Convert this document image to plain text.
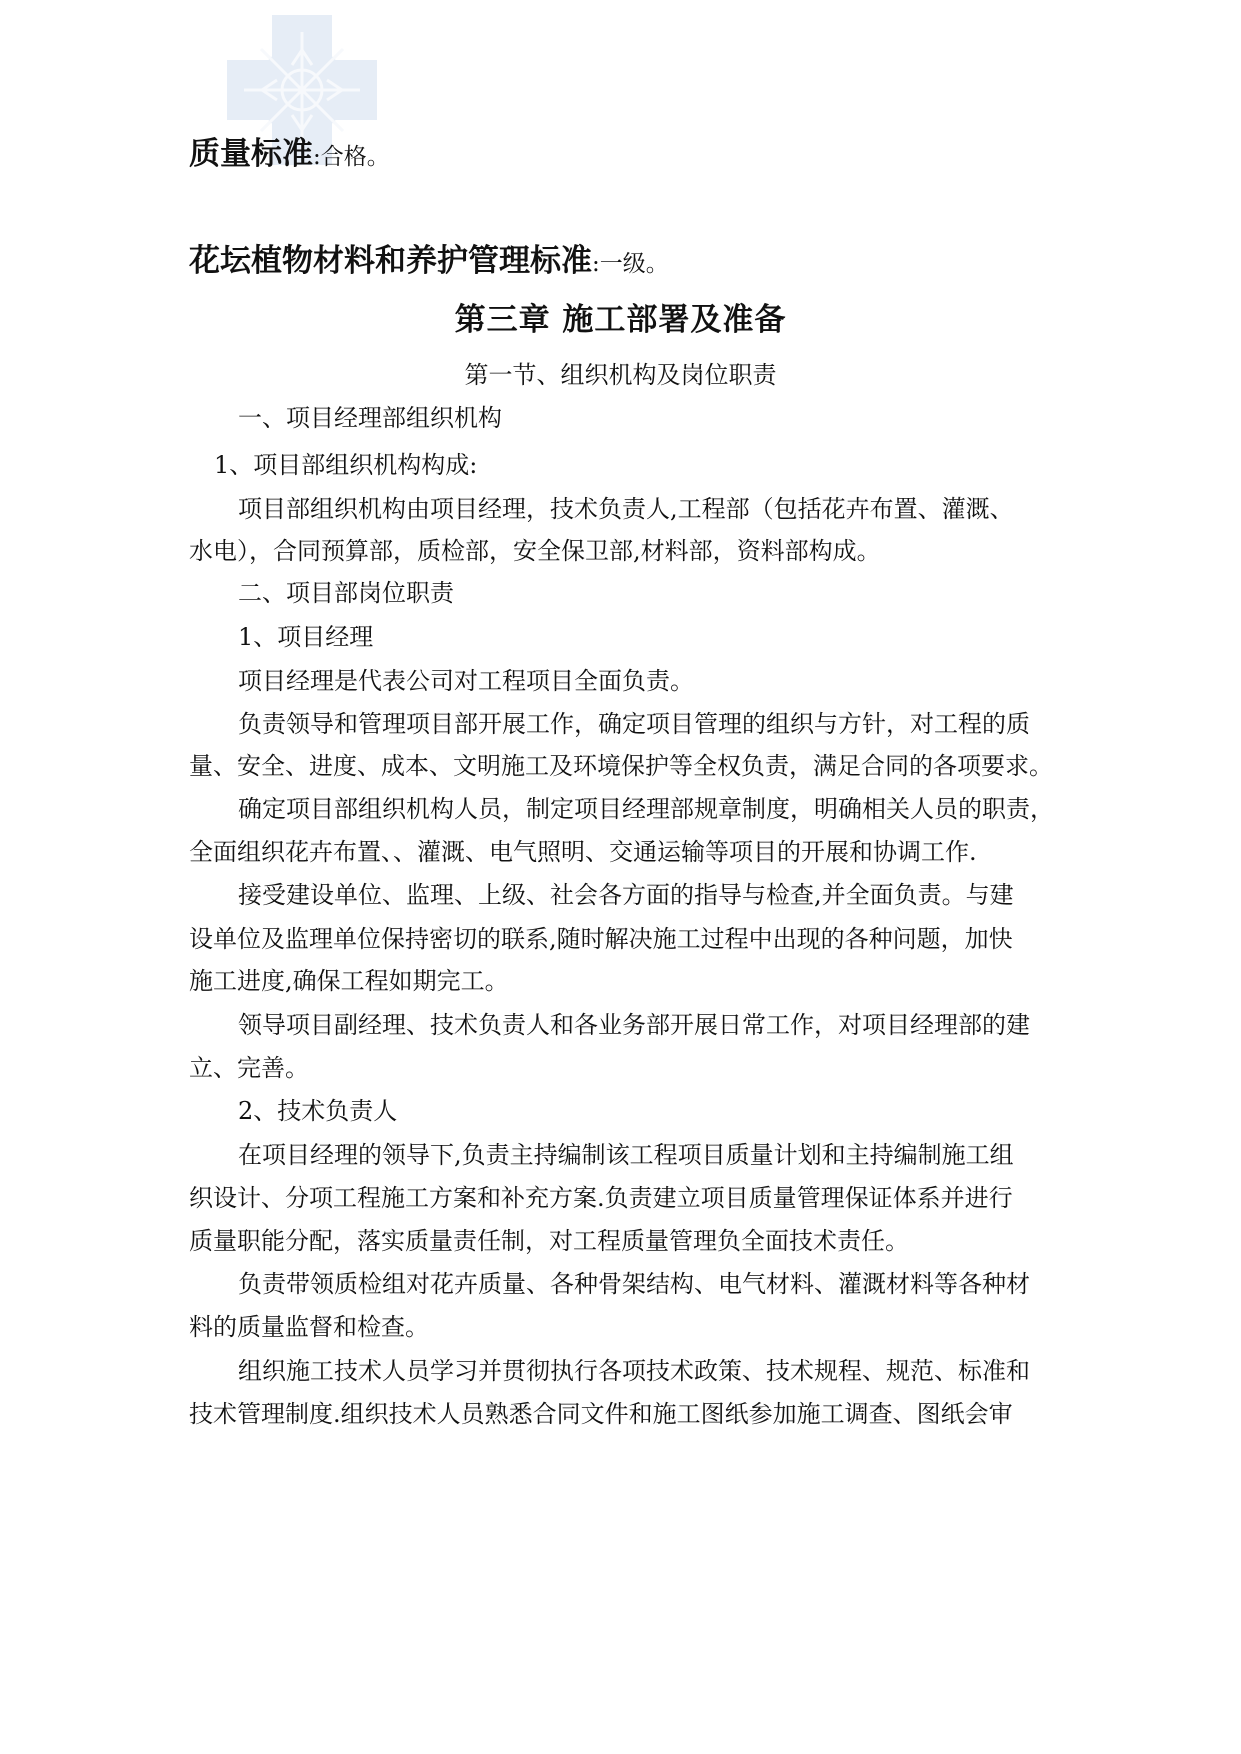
质量标准:合格。

花坛植物材料和养护管理标准:一级。

第三章 施工部署及准备

第一节、组织机构及岗位职责

一、项目经理部组织机构

1、项目部组织机构构成:

项目部组织机构由项目经理，技术负责人,工程部（包括花卉布置、灌溉、

水电），合同预算部，质检部，安全保卫部,材料部，资料部构成。

二、项目部岗位职责

1、项目经理

项目经理是代表公司对工程项目全面负责。

负责领导和管理项目部开展工作，确定项目管理的组织与方针，对工程的质

量、安全、进度、成本、文明施工及环境保护等全权负责，满足合同的各项要求。

确定项目部组织机构人员，制定项目经理部规章制度，明确相关人员的职责，

全面组织花卉布置、、灌溉、电气照明、交通运输等项目的开展和协调工作.

接受建设单位、监理、上级、社会各方面的指导与检查,并全面负责。与建

设单位及监理单位保持密切的联系,随时解决施工过程中出现的各种问题，加快

施工进度,确保工程如期完工。

领导项目副经理、技术负责人和各业务部开展日常工作，对项目经理部的建

立、完善。

2、技术负责人

在项目经理的领导下,负责主持编制该工程项目质量计划和主持编制施工组

织设计、分项工程施工方案和补充方案.负责建立项目质量管理保证体系并进行

质量职能分配，落实质量责任制，对工程质量管理负全面技术责任。

负责带领质检组对花卉质量、各种骨架结构、电气材料、灌溉材料等各种材

料的质量监督和检查。

组织施工技术人员学习并贯彻执行各项技术政策、技术规程、规范、标准和

技术管理制度.组织技术人员熟悉合同文件和施工图纸参加施工调查、图纸会审
